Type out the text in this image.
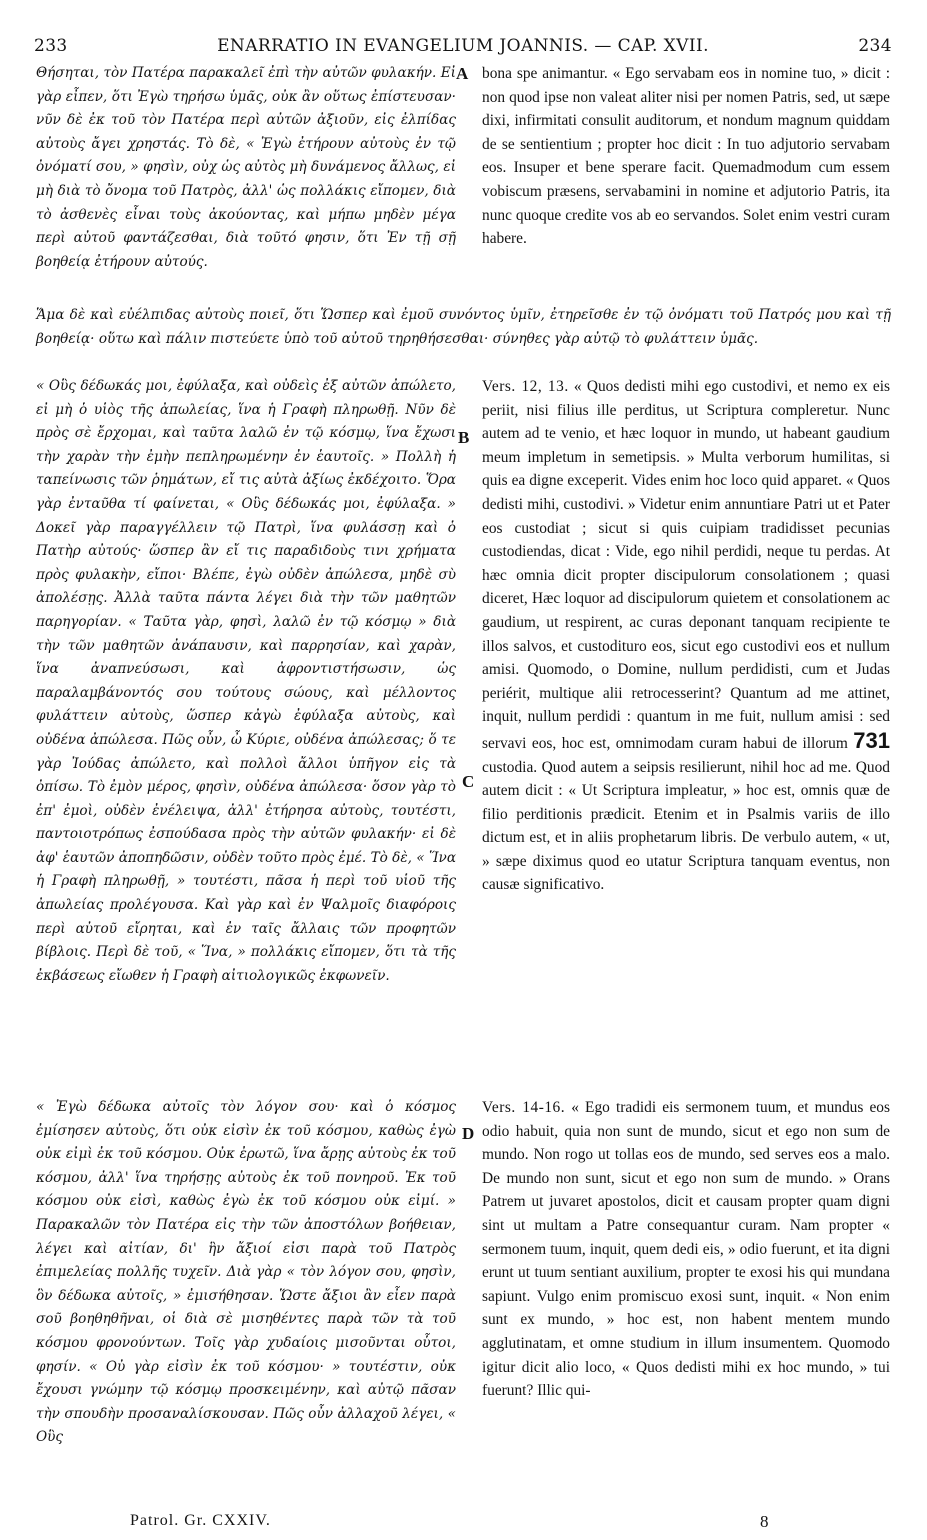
233	ENARRATIO IN EVANGELIUM JOANNIS. — CAP. XVII.	234

Θήσηται, τὸν Πατέρα παρακαλεῖ ἐπὶ τὴν αὐτῶν φυλακήν. Εἰ γὰρ εἶπεν, ὅτι Ἐγὼ τηρήσω ὑμᾶς, οὐκ ἂν οὕτως ἐπίστευσαν· νῦν δὲ ἐκ τοῦ τὸν Πατέρα περὶ αὐτῶν ἀξιοῦν, εἰς ἐλπίδας αὐτοὺς ἄγει χρηστάς. Τὸ δὲ, « Ἐγὼ ἐτήρουν αὐτοὺς ἐν τῷ ὀνόματί σου, » φησὶν, οὐχ ὡς αὐτὸς μὴ δυνάμενος ἄλλως, εἰ μὴ διὰ τὸ ὄνομα τοῦ Πατρὸς, ἀλλ' ὡς πολλάκις εἴπομεν, διὰ τὸ ἀσθενὲς εἶναι τοὺς ἀκούοντας, καὶ μήπω μηδὲν μέγα περὶ αὐτοῦ φαντάζεσθαι, διὰ τοῦτό φησιν, ὅτι Ἐν τῇ σῇ βοηθείᾳ ἐτήρουν αὐτούς.

A bona spe animantur. « Ego servabam eos in nomine tuo, » dicit : non quod ipse non valeat aliter nisi per nomen Patris, sed, ut sæpe dixi, infirmitati consulit auditorum, et nondum magnum quiddam de se sentientium ; propter hoc dicit : In tuo adjutorio servabam eos. Insuper et bene sperare facit. Quemadmodum cum essem vobiscum præsens, servabamini in nomine et adjutorio Patris, ita nunc quoque credite vos ab eo servandos. Solet enim vestri curam habere.

Ἅμα δὲ καὶ εὐέλπιδας αὐτοὺς ποιεῖ, ὅτι Ὥσπερ καὶ ἐμοῦ συνόντος ὑμῖν, ἐτηρεῖσθε ἐν τῷ ὀνόματι τοῦ Πατρός μου καὶ τῇ βοηθείᾳ· οὕτω καὶ πάλιν πιστεύετε ὑπὸ τοῦ αὐτοῦ τηρηθήσεσθαι· σύνηθες γὰρ αὐτῷ τὸ φυλάττειν ὑμᾶς.

« Οὓς δέδωκάς μοι, ἐφύλαξα, καὶ οὐδεὶς ἐξ αὐτῶν ἀπώλετο, εἰ μὴ ὁ υἱὸς τῆς ἀπωλείας, ἵνα ἡ Γραφὴ πληρωθῇ. Νῦν δὲ πρὸς σὲ ἔρχομαι, καὶ ταῦτα λαλῶ ἐν τῷ κόσμῳ, ἵνα ἔχωσι τὴν χαρὰν τὴν ἐμὴν πεπληρωμένην ἐν ἑαυτοῖς. » Πολλὴ ἡ ταπείνωσις τῶν ῥημάτων, εἴ τις αὐτὰ ἀξίως ἐκδέχοιτο. Ὅρα γὰρ ἐνταῦθα τί φαίνεται, « Οὓς δέδωκάς μοι, ἐφύλαξα. » Δοκεῖ γὰρ παραγγέλλειν τῷ Πατρὶ, ἵνα φυλάσσῃ καὶ ὁ Πατὴρ αὐτούς· ὥσπερ ἂν εἴ τις παραδιδοὺς τινι χρήματα πρὸς φυλακὴν, εἴποι· Βλέπε, ἐγὼ οὐδὲν ἀπώλεσα, μηδὲ σὺ ἀπολέσῃς. Ἀλλὰ ταῦτα πάντα λέγει διὰ τὴν τῶν μαθητῶν παρηγορίαν. « Ταῦτα γὰρ, φησὶ, λαλῶ ἐν τῷ κόσμῳ » διὰ τὴν τῶν μαθητῶν ἀνάπαυσιν, καὶ παρρησίαν, καὶ χαρὰν, ἵνα ἀναπνεύσωσι, καὶ ἀφροντιστήσωσιν, ὡς παραλαμβάνοντός σου τούτους σώους, καὶ μέλλοντος φυλάττειν αὐτοὺς, ὥσπερ κἀγὼ ἐφύλαξα αὐτοὺς, καὶ οὐδένα ἀπώλεσα. Πῶς οὖν, ὦ Κύριε, οὐδένα ἀπώλεσας; ὅ τε γὰρ Ἰούδας ἀπώλετο, καὶ πολλοὶ ἄλλοι ὑπῆγον εἰς τὰ ὀπίσω. Τὸ ἐμὸν μέρος, φησὶν, οὐδένα ἀπώλεσα· ὅσον γὰρ τὸ ἐπ' ἐμοὶ, οὐδὲν ἐνέλειψα, ἀλλ' ἐτήρησα αὐτοὺς, τουτέστι, παντοιοτρόπως ἐσπούδασα πρὸς τὴν αὐτῶν φυλακήν· εἰ δὲ ἀφ' ἑαυτῶν ἀποπηδῶσιν, οὐδὲν τοῦτο πρὸς ἐμέ. Τὸ δὲ, « Ἵνα ἡ Γραφὴ πληρωθῇ, » τουτέστι, πᾶσα ἡ περὶ τοῦ υἱοῦ τῆς ἀπωλείας προλέγουσα. Καὶ γὰρ καὶ ἐν Ψαλμοῖς διαφόροις περὶ αὐτοῦ εἴρηται, καὶ ἐν ταῖς ἄλλαις τῶν προφητῶν βίβλοις. Περὶ δὲ τοῦ, « Ἵνα, » πολλάκις εἴπομεν, ὅτι τὰ τῆς ἐκβάσεως εἴωθεν ἡ Γραφὴ αἰτιολογικῶς ἐκφωνεῖν.

B
C
Vers. 12, 13. « Quos dedisti mihi ego custodivi, et nemo ex eis periit, nisi filius ille perditus, ut Scriptura compleretur. Nunc autem ad te venio, et hæc loquor in mundo, ut habeant gaudium meum impletum in semetipsis. » Multa verborum humilitas, si quis ea digne exceperit. Vides enim hoc loco quid apparet. « Quos dedisti mihi, custodivi. » Videtur enim annuntiare Patri ut et Pater eos custodiat ; sicut si quis cuipiam tradidisset pecunias custodiendas, dicat : Vide, ego nihil perdidi, neque tu perdas. At hæc omnia dicit propter discipulorum consolationem ; quasi diceret, Hæc loquor ad discipulorum quietem et consolationem ac gaudium, ut respirent, ac curas deponant tanquam recipiente te illos salvos, et custodituro eos, sicut ego custodivi eos et nullum amisi. Quomodo, o Domine, nullum perdidisti, cum et Judas periérit, multique alii retrocesserint? Quantum ad me attinet, inquit, nullum perdidi : quantum in me fuit, nullum amisi : sed servavi eos, hoc est, omnimodam curam habui de illorum 731 custodia. Quod autem a seipsis resilierunt, nihil hoc ad me. Quod autem dicit : « Ut Scriptura impleatur, » hoc est, omnis quæ de filio perditionis prædicit. Etenim et in Psalmis variis de illo dictum est, et in aliis prophetarum libris. De verbulo autem, « ut, » sæpe diximus quod eo utatur Scriptura tanquam eventus, non causæ significativo.

« Ἐγὼ δέδωκα αὐτοῖς τὸν λόγον σου· καὶ ὁ κόσμος ἐμίσησεν αὐτοὺς, ὅτι οὐκ εἰσὶν ἐκ τοῦ κόσμου, καθὼς ἐγὼ οὐκ εἰμὶ ἐκ τοῦ κόσμου. Οὐκ ἐρωτῶ, ἵνα ἄρῃς αὐτοὺς ἐκ τοῦ κόσμου, ἀλλ' ἵνα τηρήσῃς αὐτοὺς ἐκ τοῦ πονηροῦ. Ἐκ τοῦ κόσμου οὐκ εἰσὶ, καθὼς ἐγὼ ἐκ τοῦ κόσμου οὐκ εἰμί. » Παρακαλῶν τὸν Πατέρα εἰς τὴν τῶν ἀποστόλων βοήθειαν, λέγει καὶ αἰτίαν, δι' ἣν ἄξιοί εἰσι παρὰ τοῦ Πατρὸς ἐπιμελείας πολλῆς τυχεῖν. Διὰ γὰρ « τὸν λόγον σου, φησὶν, ὃν δέδωκα αὐτοῖς, » ἐμισήθησαν. Ὥστε ἄξιοι ἂν εἶεν παρὰ σοῦ βοηθηθῆναι, οἱ διὰ σὲ μισηθέντες παρὰ τῶν τὰ τοῦ κόσμου φρονούντων. Τοῖς γὰρ χυδαίοις μισοῦνται οὗτοι, φησίν. « Οὐ γὰρ εἰσὶν ἐκ τοῦ κόσμου· » τουτέστιν, οὐκ ἔχουσι γνώμην τῷ κόσμῳ προσκειμένην, καὶ αὐτῷ πᾶσαν τὴν σπουδὴν προσαναλίσκουσαν. Πῶς οὖν ἀλλαχοῦ λέγει, « Οὓς

D
Vers. 14-16. « Ego tradidi eis sermonem tuum, et mundus eos odio habuit, quia non sunt de mundo, sicut et ego non sum de mundo. Non rogo ut tollas eos de mundo, sed serves eos a malo. De mundo non sunt, sicut et ego non sum de mundo. » Orans Patrem ut juvaret apostolos, dicit et causam propter quam digni sint ut multam a Patre consequantur curam. Nam propter « sermonem tuum, inquit, quem dedi eis, » odio fuerunt, et ita digni erunt ut tuum sentiant auxilium, propter te exosi his qui mundana sapiunt. Vulgo enim promiscuo exosi sunt, inquit. « Non enim sunt ex mundo, » hoc est, non habent mentem mundo agglutinatam, et omne studium in illum insumentem. Quomodo igitur dicit alio loco, « Quos dedisti mihi ex hoc mundo, » tui fuerunt? Illic qui-
Patrol. Gr. CXXIV.	8
